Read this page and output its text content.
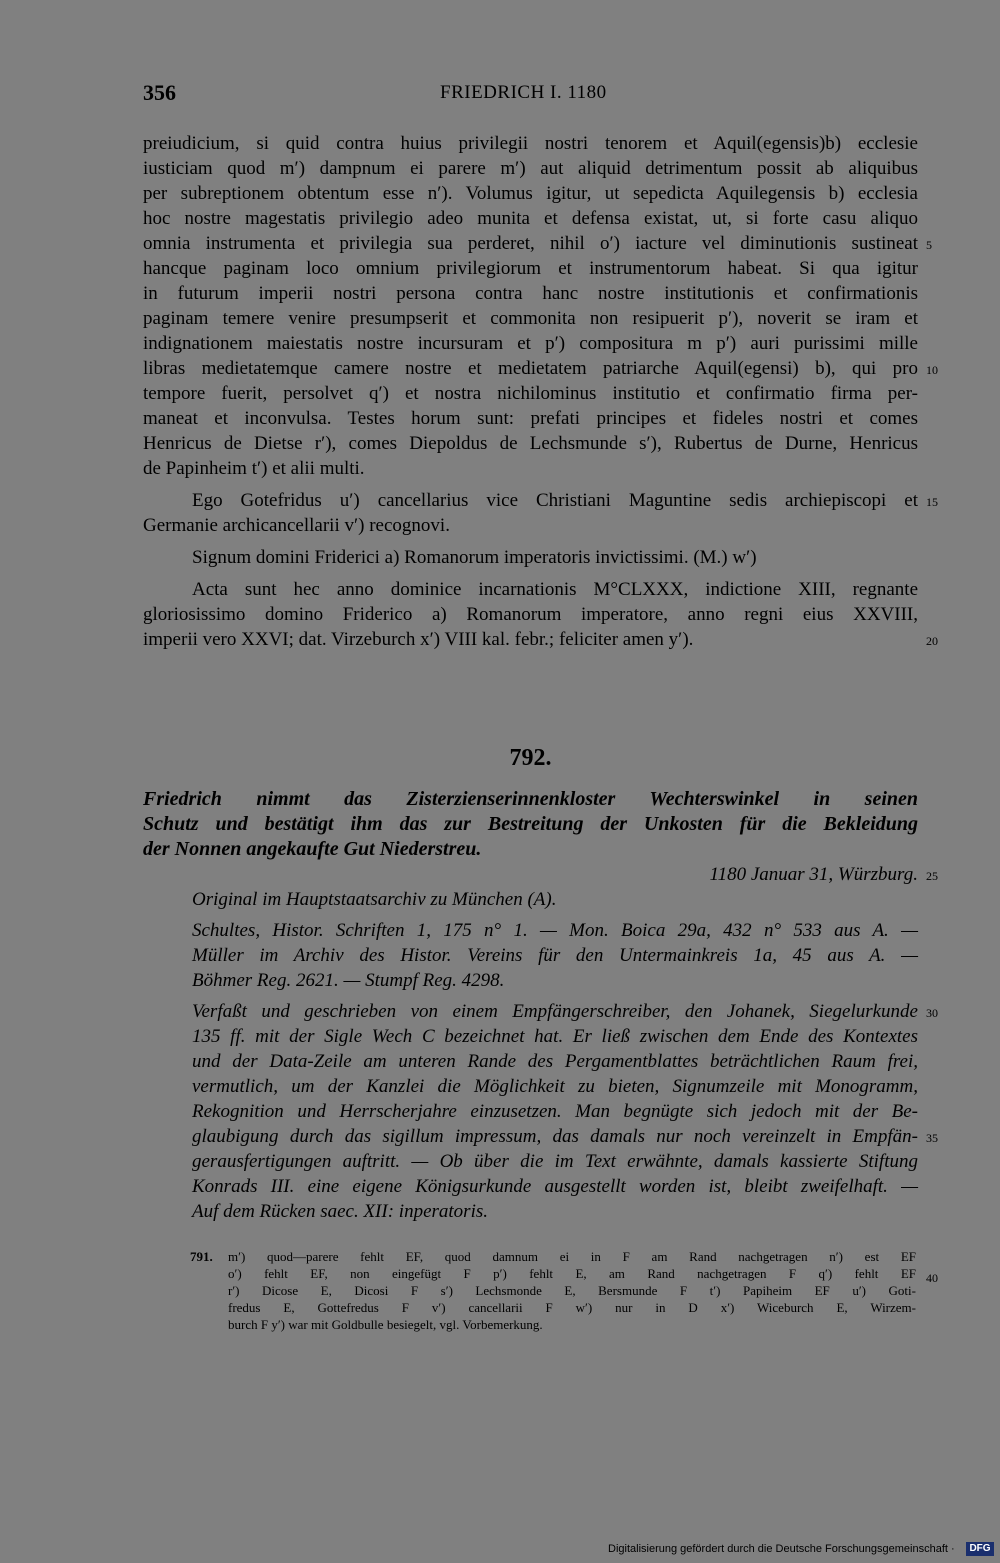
356	FRIEDRICH I. 1180
preiudicium, si quid contra huius privilegii nostri tenorem et Aquil(egensis)b) ecclesie
iusticiam quod m′) dampnum ei parere m′) aut aliquid detrimentum possit ab aliquibus
per subreptionem obtentum esse n′). Volumus igitur, ut sepedicta Aquilegensis b) ecclesia
hoc nostre magestatis privilegio adeo munita et defensa existat, ut, si forte casu aliquo
omnia instrumenta et privilegia sua perderet, nihil o′) iacture vel diminutionis sustineat
hancque paginam loco omnium privilegiorum et instrumentorum habeat. Si qua igitur
in futurum imperii nostri persona contra hanc nostre institutionis et confirmationis
paginam temere venire presumpserit et commonita non resipuerit p′), noverit se iram et
indignationem maiestatis nostre incursuram et p′) compositura m p′) auri purissimi mille
libras medietatemque camere nostre et medietatem patriarche Aquil(egensi) b), qui pro
tempore fuerit, persolvet q′) et nostra nichilominus institutio et confirmatio firma per-
maneat et inconvulsa. Testes horum sunt: prefati principes et fideles nostri et comes
Henricus de Dietse r′), comes Diepoldus de Lechsmunde s′), Rubertus de Durne, Henricus
de Papinheim t′) et alii multi.
Ego Gotefridus u′) cancellarius vice Christiani Maguntine sedis archiepiscopi et
Germanie archicancellarii v′) recognovi.
Signum domini Friderici a) Romanorum imperatoris invictissimi. (M.) w′)
Acta sunt hec anno dominice incarnationis M°CLXXX, indictione XIII, regnante
gloriosissimo domino Friderico a) Romanorum imperatore, anno regni eius XXVIII,
imperii vero XXVI; dat. Virzeburch x′) VIII kal. febr.; feliciter amen y′).
5
10
15
20
792.
Friedrich nimmt das Zisterzienserinnenkloster Wechterswinkel in seinen
Schutz und bestätigt ihm das zur Bestreitung der Unkosten für die Bekleidung
der Nonnen angekaufte Gut Niederstreu.
1180 Januar 31, Würzburg.
Original im Hauptstaatsarchiv zu München (A).
Schultes, Histor. Schriften 1, 175 n° 1. — Mon. Boica 29a, 432 n° 533 aus A. —
Müller im Archiv des Histor. Vereins für den Untermainkreis 1a, 45 aus A. —
Böhmer Reg. 2621. — Stumpf Reg. 4298.
Verfaßt und geschrieben von einem Empfängerschreiber, den Johanek, Siegelurkunde
135 ff. mit der Sigle Wech C bezeichnet hat. Er ließ zwischen dem Ende des Kontextes
und der Data-Zeile am unteren Rande des Pergamentblattes beträchtlichen Raum frei,
vermutlich, um der Kanzlei die Möglichkeit zu bieten, Signumzeile mit Monogramm,
Rekognition und Herrscherjahre einzusetzen. Man begnügte sich jedoch mit der Be-
glaubigung durch das sigillum impressum, das damals nur noch vereinzelt in Empfän-
gerausfertigungen auftritt. — Ob über die im Text erwähnte, damals kassierte Stiftung
Konrads III. eine eigene Königsurkunde ausgestellt worden ist, bleibt zweifelhaft. —
Auf dem Rücken saec. XII: inperatoris.
25
30
35
40
791. m′) quod—parere fehlt EF, quod damnum ei in F am Rand nachgetragen n′) est EF
o′) fehlt EF, non eingefügt F p′) fehlt E, am Rand nachgetragen F q′) fehlt EF
r′) Dicose E, Dicosi F s′) Lechsmonde E, Bersmunde F t′) Papiheim EF u′) Goti-
fredus E, Gottefredus F v′) cancellarii F w′) nur in D x′) Wiceburch E, Wirzem-
burch F y′) war mit Goldbulle besiegelt, vgl. Vorbemerkung.
Digitalisierung gefördert durch die Deutsche Forschungsgemeinschaft ·	DFG
